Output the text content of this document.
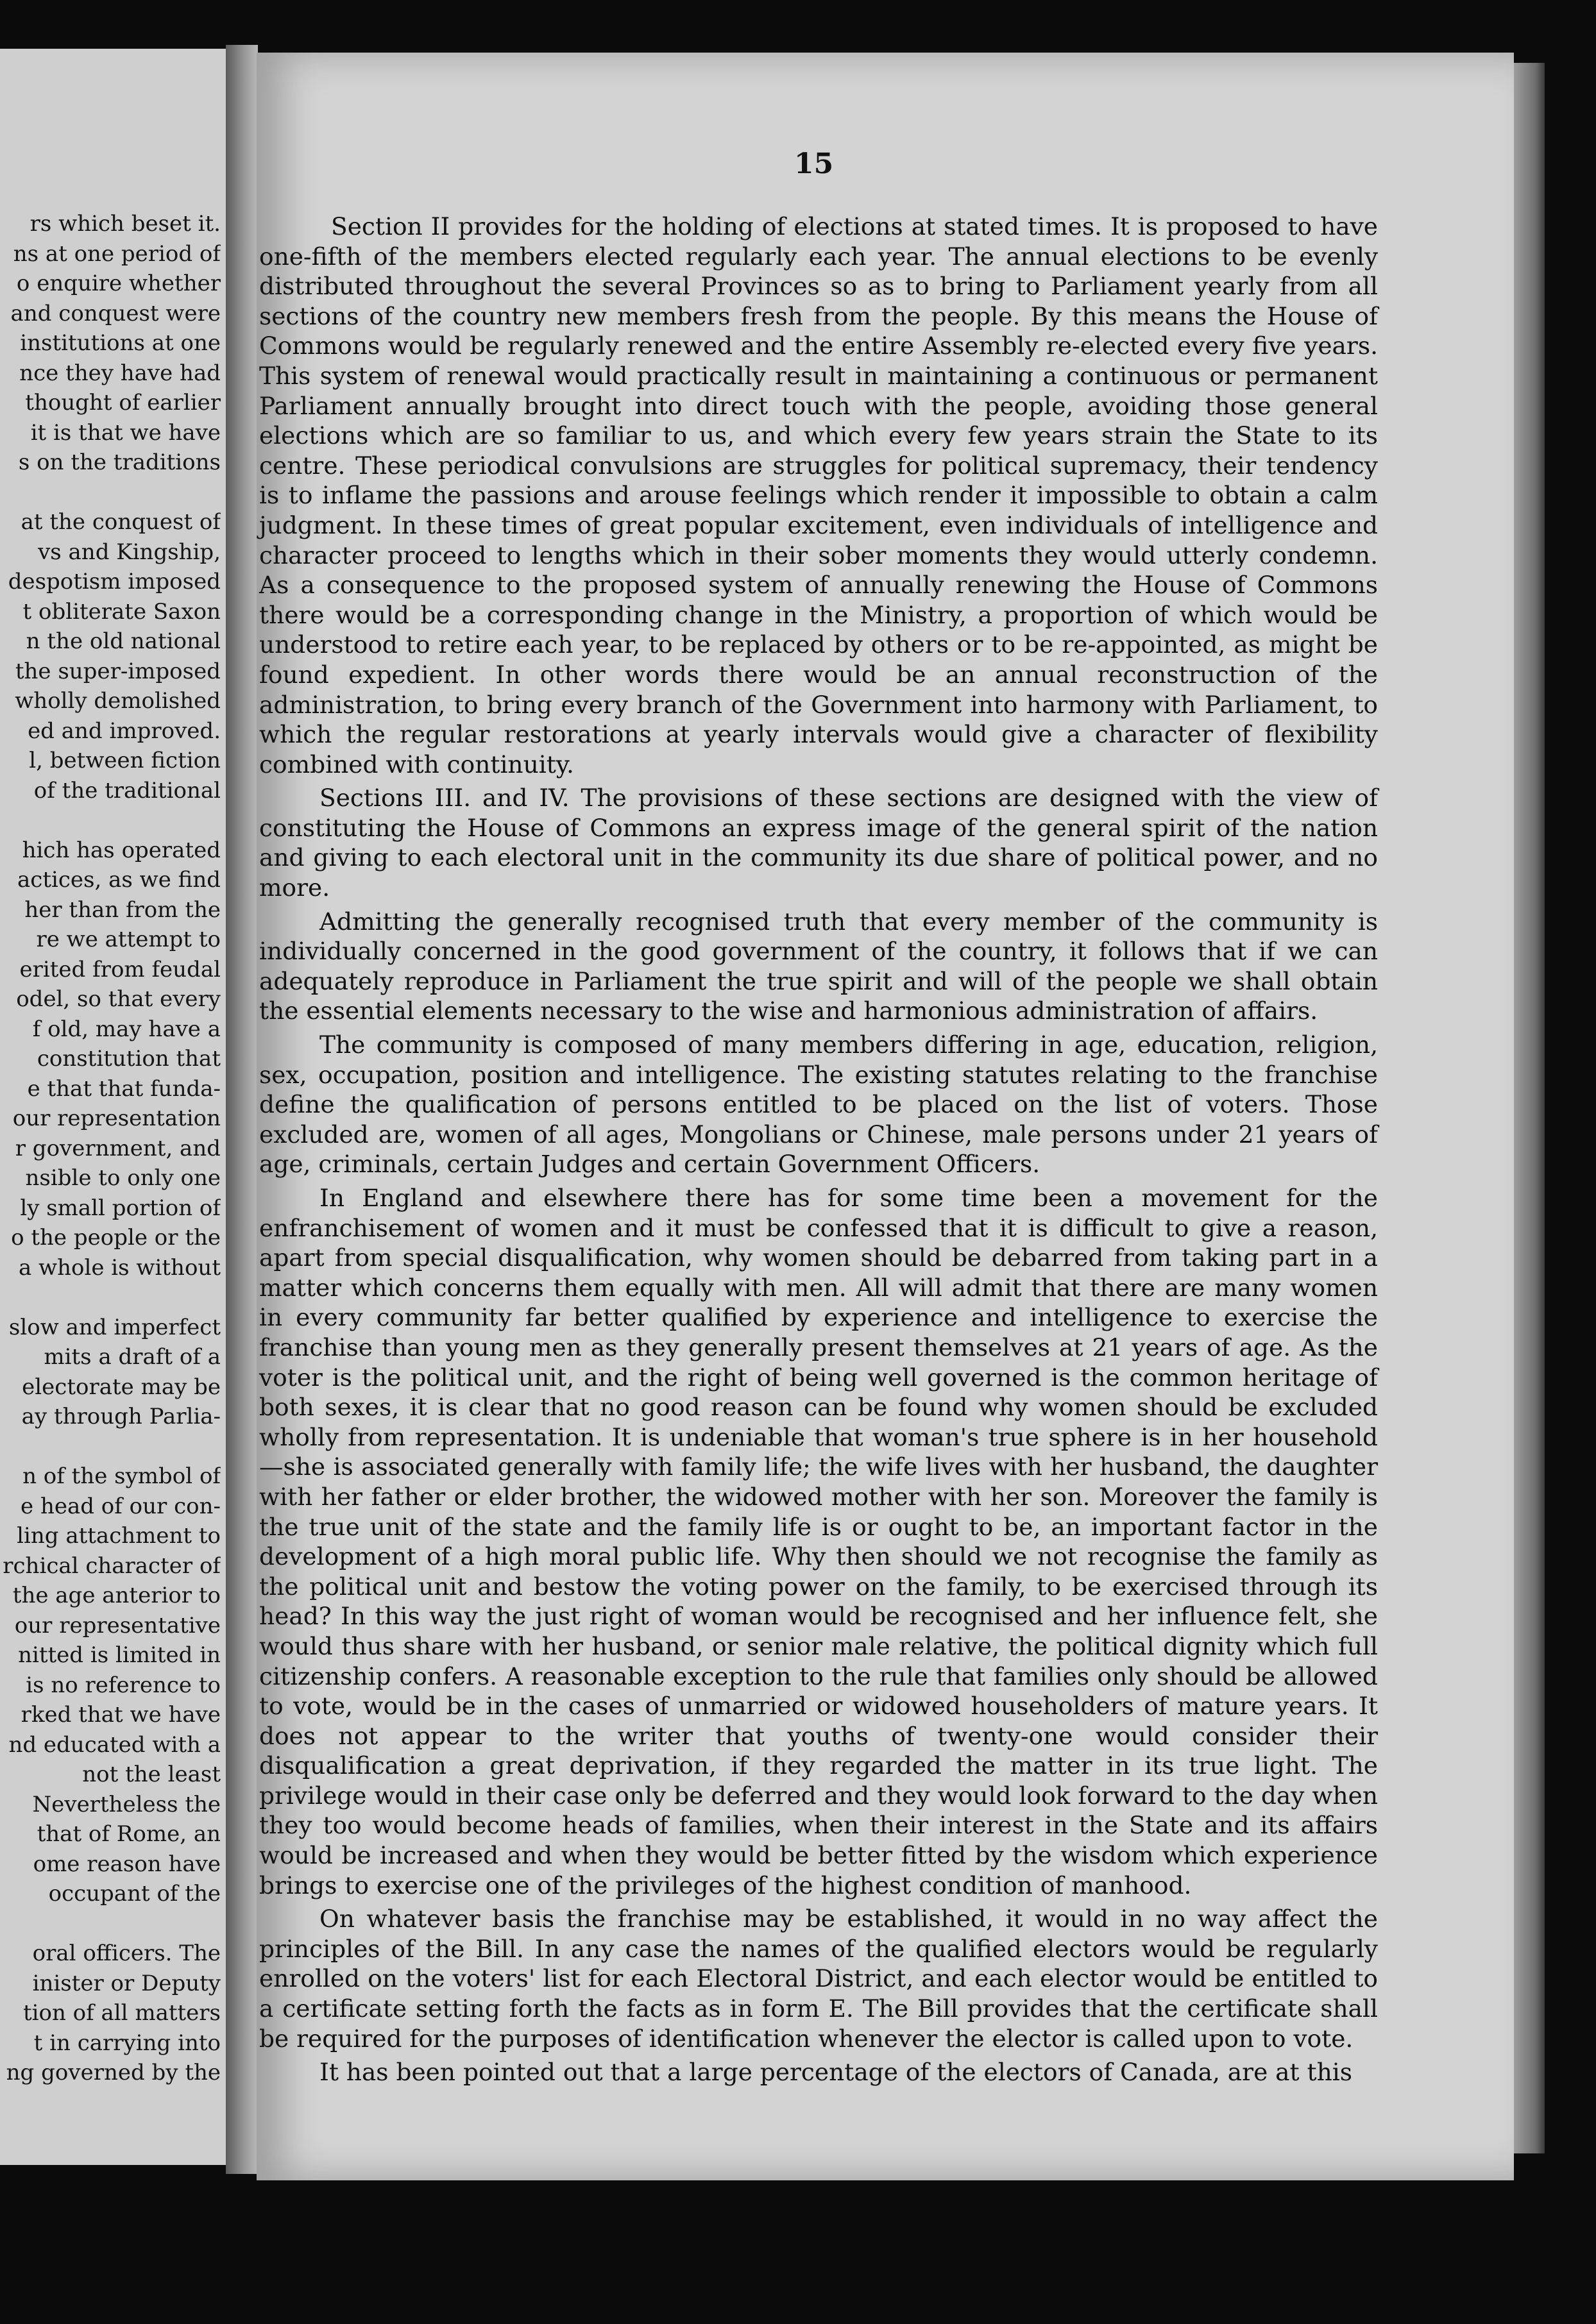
rs which beset it.
ns at one period of
o enquire whether
and conquest were
institutions at one
nce they have had
thought of earlier
it is that we have
s on the traditions

at the conquest of
vs and Kingship,
despotism imposed
t obliterate Saxon
n the old national
the super-imposed
wholly demolished
ed and improved.
l, between fiction
of the traditional

hich has operated
actices, as we find
her than from the
re we attempt to
erited from feudal
odel, so that every
f old, may have a
constitution that
e that that funda-
our representation
r government, and
nsible to only one
ly small portion of
o the people or the
a whole is without

slow and imperfect
mits a draft of a
electorate may be
ay through Parlia-

n of the symbol of
e head of our con-
ling attachment to
rchical character of
the age anterior to
our representative
nitted is limited in
is no reference to
rked that we have
nd educated with a
not the least
Nevertheless the
that of Rome, an
ome reason have
occupant of the

oral officers. The
inister or Deputy
tion of all matters
t in carrying into
ng governed by the
15

Section II provides for the holding of elections at stated times. It is proposed to have one-fifth of the members elected regularly each year. The annual elections to be evenly distributed throughout the several Provinces so as to bring to Parliament yearly from all sections of the country new members fresh from the people. By this means the House of Commons would be regularly renewed and the entire Assembly re-elected every five years. This system of renewal would practically result in maintaining a continuous or permanent Parliament annually brought into direct touch with the people, avoiding those general elections which are so familiar to us, and which every few years strain the State to its centre. These periodical convulsions are struggles for political supremacy, their tendency is to inflame the passions and arouse feelings which render it impossible to obtain a calm judgment. In these times of great popular excitement, even individuals of intelligence and character proceed to lengths which in their sober moments they would utterly condemn. As a consequence to the proposed system of annually renewing the House of Commons there would be a corresponding change in the Ministry, a proportion of which would be understood to retire each year, to be replaced by others or to be re-appointed, as might be found expedient. In other words there would be an annual reconstruction of the administration, to bring every branch of the Government into harmony with Parliament, to which the regular restorations at yearly intervals would give a character of flexibility combined with continuity.

Sections III. and IV. The provisions of these sections are designed with the view of constituting the House of Commons an express image of the general spirit of the nation and giving to each electoral unit in the community its due share of political power, and no more.

Admitting the generally recognised truth that every member of the community is individually concerned in the good government of the country, it follows that if we can adequately reproduce in Parliament the true spirit and will of the people we shall obtain the essential elements necessary to the wise and harmonious administration of affairs.

The community is composed of many members differing in age, education, religion, sex, occupation, position and intelligence. The existing statutes relating to the franchise define the qualification of persons entitled to be placed on the list of voters. Those excluded are, women of all ages, Mongolians or Chinese, male persons under 21 years of age, criminals, certain Judges and certain Government Officers.

In England and elsewhere there has for some time been a movement for the enfranchisement of women and it must be confessed that it is difficult to give a reason, apart from special disqualification, why women should be debarred from taking part in a matter which concerns them equally with men. All will admit that there are many women in every community far better qualified by experience and intelligence to exercise the franchise than young men as they generally present themselves at 21 years of age. As the voter is the political unit, and the right of being well governed is the common heritage of both sexes, it is clear that no good reason can be found why women should be excluded wholly from representation. It is undeniable that woman's true sphere is in her household—she is associated generally with family life; the wife lives with her husband, the daughter with her father or elder brother, the widowed mother with her son. Moreover the family is the true unit of the state and the family life is or ought to be, an important factor in the development of a high moral public life. Why then should we not recognise the family as the political unit and bestow the voting power on the family, to be exercised through its head? In this way the just right of woman would be recognised and her influence felt, she would thus share with her husband, or senior male relative, the political dignity which full citizenship confers. A reasonable exception to the rule that families only should be allowed to vote, would be in the cases of unmarried or widowed householders of mature years. It does not appear to the writer that youths of twenty-one would consider their disqualification a great deprivation, if they regarded the matter in its true light. The privilege would in their case only be deferred and they would look forward to the day when they too would become heads of families, when their interest in the State and its affairs would be increased and when they would be better fitted by the wisdom which experience brings to exercise one of the privileges of the highest condition of manhood.

On whatever basis the franchise may be established, it would in no way affect the principles of the Bill. In any case the names of the qualified electors would be regularly enrolled on the voters' list for each Electoral District, and each elector would be entitled to a certificate setting forth the facts as in form E. The Bill provides that the certificate shall be required for the purposes of identification whenever the elector is called upon to vote.

It has been pointed out that a large percentage of the electors of Canada, are at this
